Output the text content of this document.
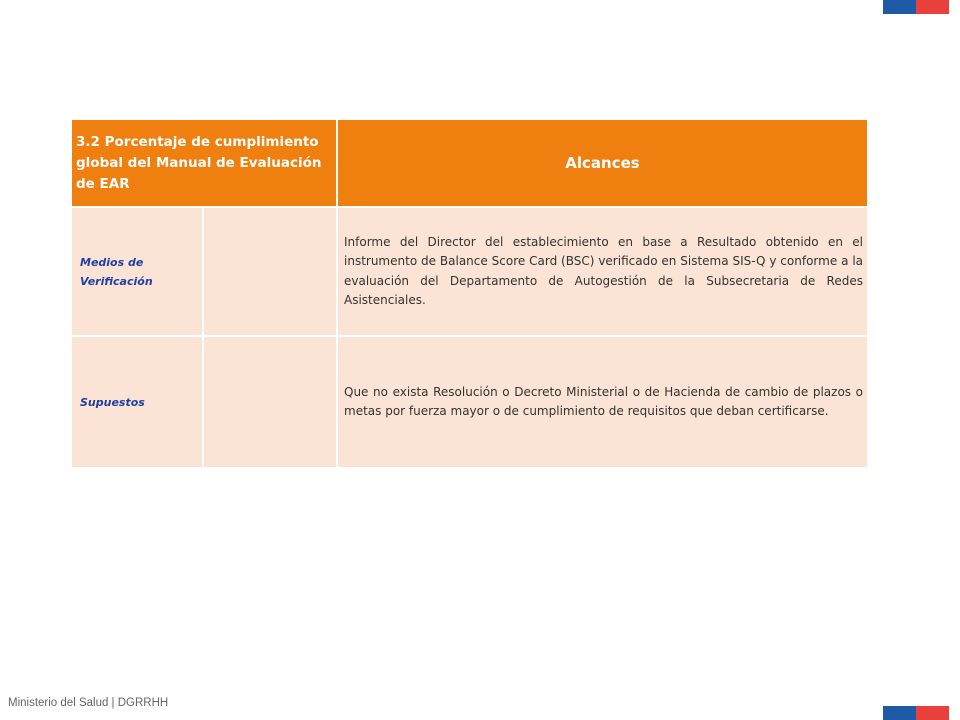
3.2 Porcentaje de cumplimiento global del Manual de Evaluación de EAR		Alcances
Medios de Verificación		Informe del Director del establecimiento en base a Resultado obtenido en el instrumento de Balance Score Card (BSC) verificado en Sistema SIS-Q y conforme a la evaluación del Departamento de Autogestión de la Subsecretaria de Redes Asistenciales.
Supuestos		Que no exista Resolución o Decreto Ministerial o de Hacienda de cambio de plazos o metas por fuerza mayor o de cumplimiento de requisitos que deban certificarse.
Ministerio del Salud | DGRRHH
